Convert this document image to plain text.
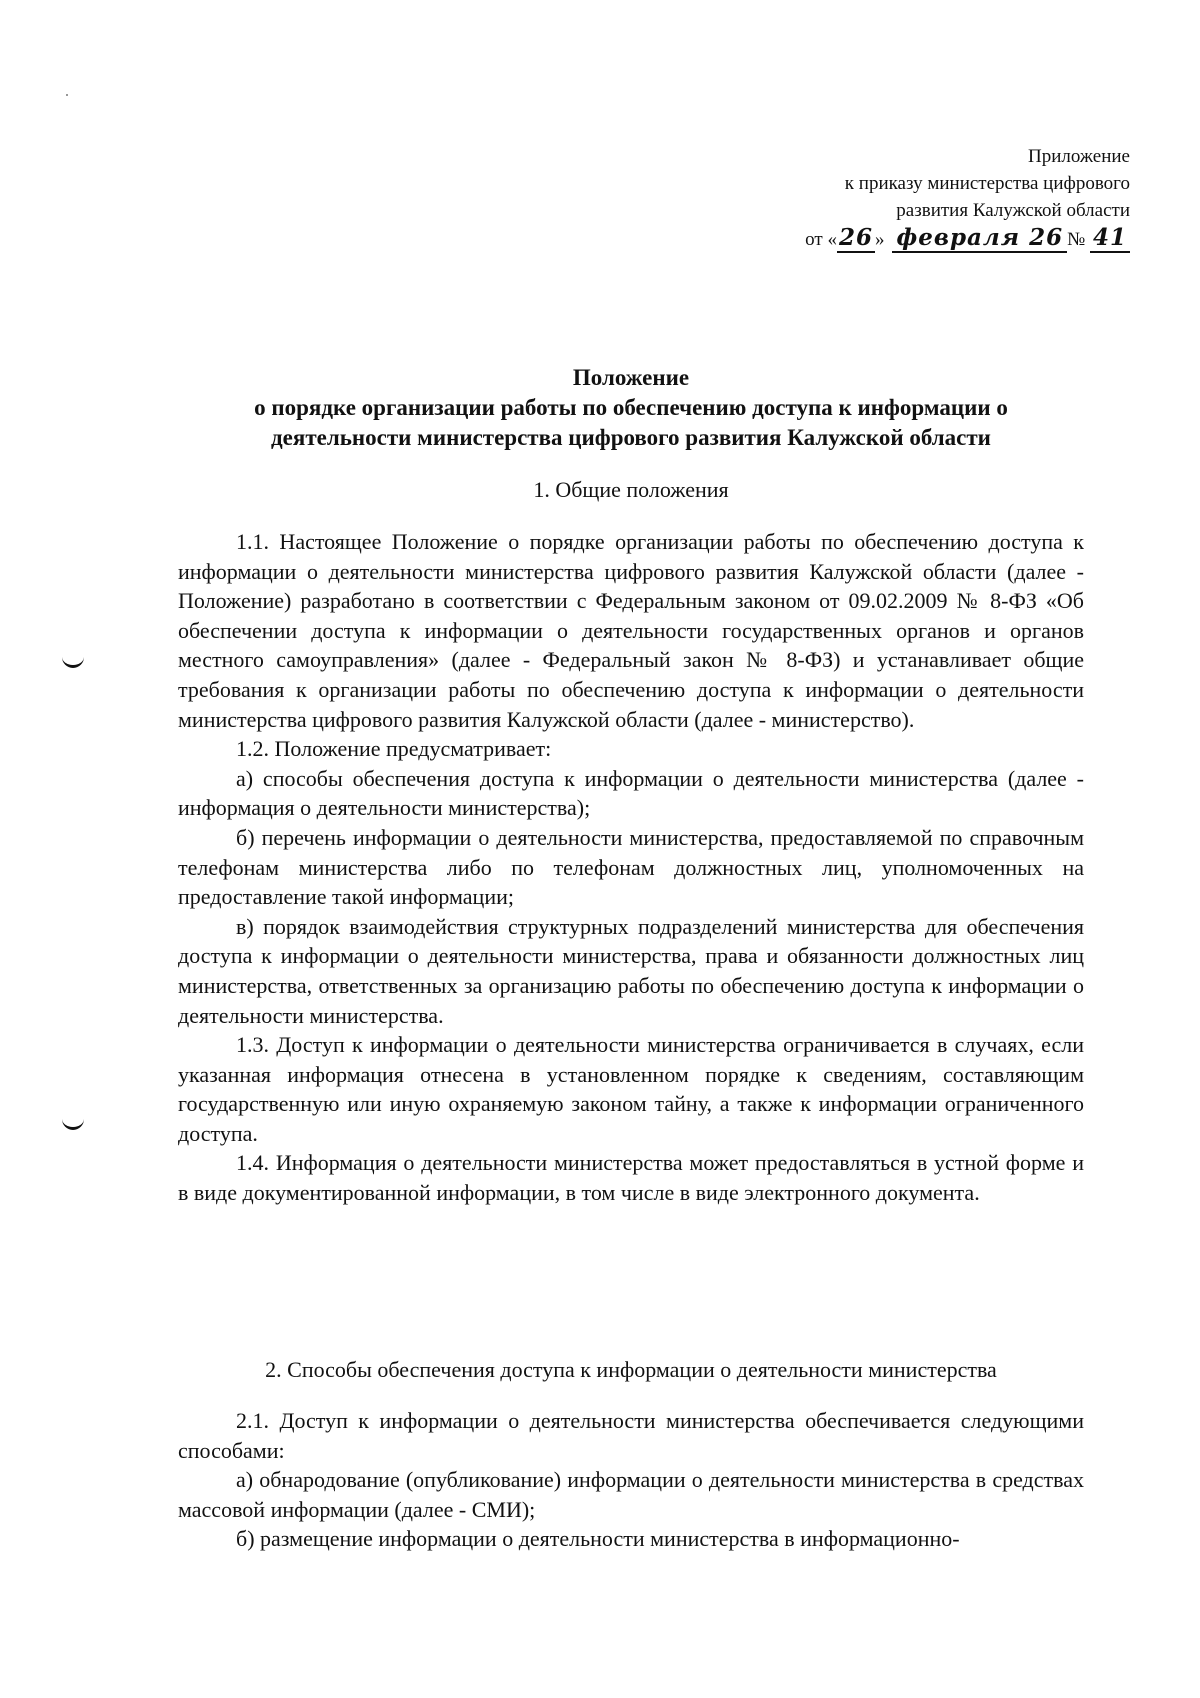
Приложение
к приказу министерства цифрового
развития Калужской области
от «26 » февраля 26 № 41
Положение
о порядке организации работы по обеспечению доступа к информации о
деятельности министерства цифрового развития Калужской области
1. Общие положения

1.1. Настоящее Положение о порядке организации работы по обеспечению доступа к информации о деятельности министерства цифрового развития Калужской области (далее - Положение) разработано в соответствии с Федеральным законом от 09.02.2009 № 8-ФЗ «Об обеспечении доступа к информации о деятельности государственных органов и органов местного самоуправления» (далее - Федеральный закон № 8-ФЗ) и устанавливает общие требования к организации работы по обеспечению доступа к информации о деятельности министерства цифрового развития Калужской области (далее - министерство).

1.2. Положение предусматривает:

а) способы обеспечения доступа к информации о деятельности министерства (далее - информация о деятельности министерства);

б) перечень информации о деятельности министерства, предоставляемой по справочным телефонам министерства либо по телефонам должностных лиц, уполномоченных на предоставление такой информации;

в) порядок взаимодействия структурных подразделений министерства для обеспечения доступа к информации о деятельности министерства, права и обязанности должностных лиц министерства, ответственных за организацию работы по обеспечению доступа к информации о деятельности министерства.

1.3. Доступ к информации о деятельности министерства ограничивается в случаях, если указанная информация отнесена в установленном порядке к сведениям, составляющим государственную или иную охраняемую законом тайну, а также к информации ограниченного доступа.

1.4. Информация о деятельности министерства может предоставляться в устной форме и в виде документированной информации, в том числе в виде электронного документа.

2. Способы обеспечения доступа к информации о деятельности министерства

2.1. Доступ к информации о деятельности министерства обеспечивается следующими способами:

а) обнародование (опубликование) информации о деятельности министерства в средствах массовой информации (далее - СМИ);

б) размещение информации о деятельности министерства в информационно-
